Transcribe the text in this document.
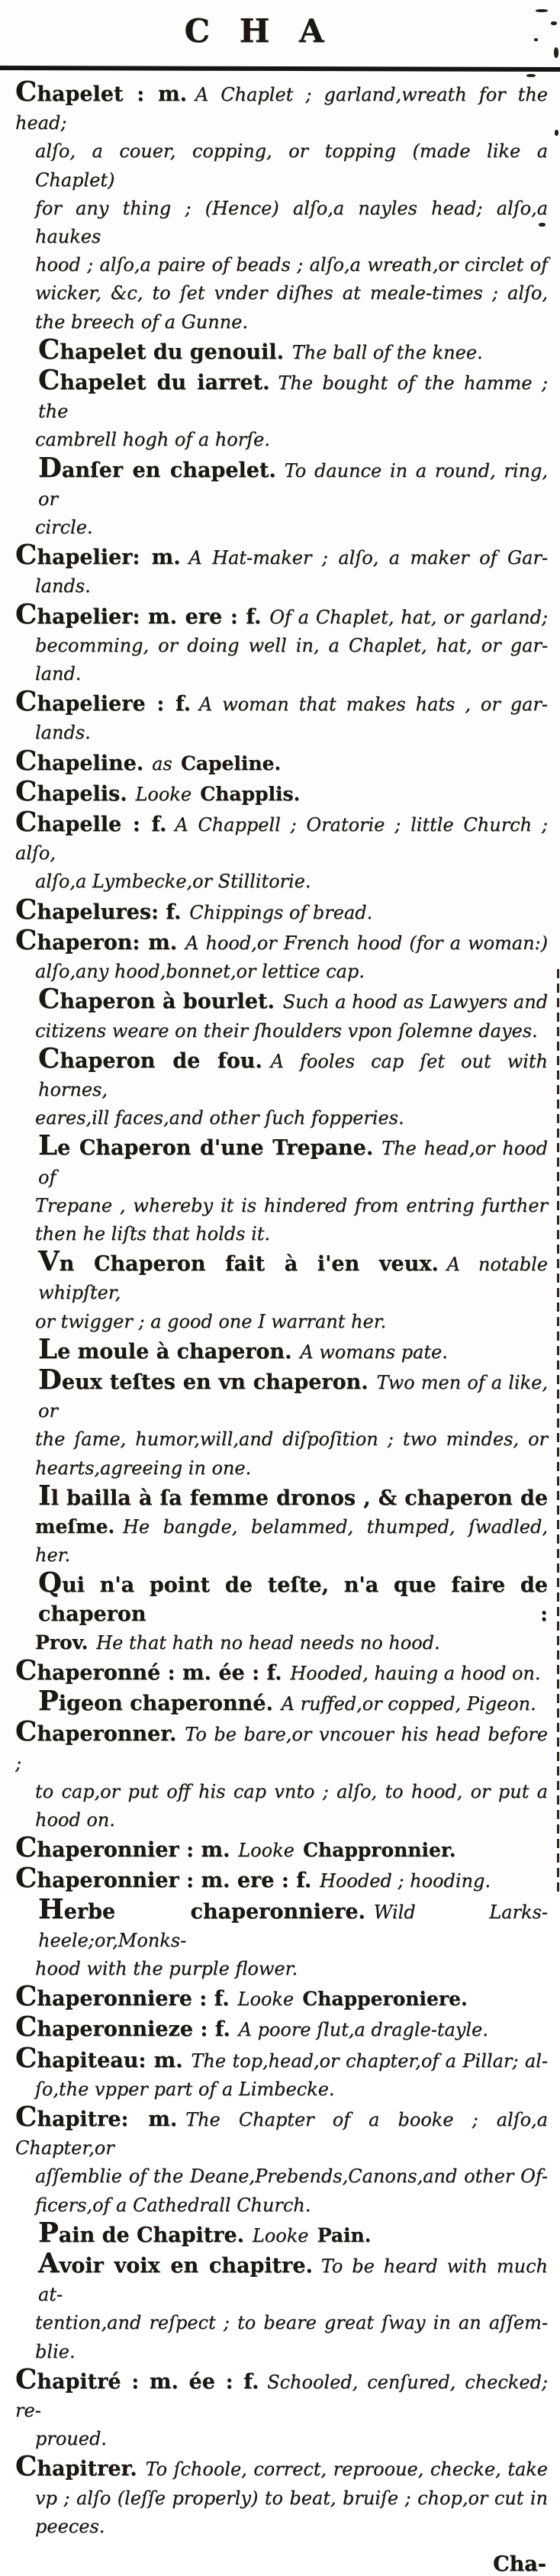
C H A
Chapelet : m. A Chaplet ; garland,wreath for the head;
alſo, a couer, copping, or topping (made like a Chaplet)
for any thing ; (Hence) alſo,a nayles head; alſo,a haukes
hood ; alſo,a paire of beads ; alſo,a wreath,or circlet of
wicker, &c, to ſet vnder diſhes at meale-times ; alſo,
the breech of a Gunne.
Chapelet du genouil. The ball of the knee.
Chapelet du iarret. The bought of the hamme ; the
cambrell hogh of a horſe.
Danſer en chapelet. To daunce in a round, ring, or
circle.
Chapelier: m. A Hat-maker ; alſo, a maker of Gar-
lands.
Chapelier: m. ere : f. Of a Chaplet, hat, or garland;
becomming, or doing well in, a Chaplet, hat, or gar-
land.
Chapeliere : f. A woman that makes hats , or gar-
lands.
Chapeline. as Capeline.
Chapelis. Looke Chapplis.
Chapelle : f. A Chappell ; Oratorie ; little Church ; alſo,
alſo,a Lymbecke,or Stillitorie.
Chapelures: f. Chippings of bread.
Chaperon: m. A hood,or French hood (for a woman:)
alſo,any hood,bonnet,or lettice cap.
Chaperon à bourlet. Such a hood as Lawyers and
citizens weare on their ſhoulders vpon ſolemne dayes.
Chaperon de fou. A fooles cap ſet out with hornes,
eares,ill faces,and other ſuch fopperies.
Le Chaperon d'une Trepane. The head,or hood of
Trepane , whereby it is hindered from entring further
then he liſts that holds it.
Vn Chaperon fait à i'en veux. A notable whipſter,
or twigger ; a good one I warrant her.
Le moule à chaperon. A womans pate.
Deux teſtes en vn chaperon. Two men of a like, or
the ſame, humor,will,and diſpoſition ; two mindes, or
hearts,agreeing in one.
Il bailla à ſa femme dronos , & chaperon de
meſme. He bangde, belammed, thumped, ſwadled,
her.
Qui n'a point de teſte, n'a que faire de chaperon :
Prov. He that hath no head needs no hood.
Chaperonné : m. ée : f. Hooded, hauing a hood on.
Pigeon chaperonné. A ruffed,or copped, Pigeon.
Chaperonner. To be bare,or vncouer his head before ;
to cap,or put off his cap vnto ; alſo, to hood, or put a
hood on.
Chaperonnier : m. Looke Chappronnier.
Chaperonnier : m. ere : f. Hooded ; hooding.
Herbe chaperonniere. Wild Larks-heele;or,Monks-
hood with the purple flower.
Chaperonniere : f. Looke Chapperoniere.
Chaperonnieze : f. A poore ſlut,a dragle-tayle.
Chapiteau: m. The top,head,or chapter,of a Pillar; al-
ſo,the vpper part of a Limbecke.
Chapitre: m. The Chapter of a booke ; alſo,a Chapter,or
aſſemblie of the Deane,Prebends,Canons,and other Of-
ficers,of a Cathedrall Church.
Pain de Chapitre. Looke Pain.
Avoir voix en chapitre. To be heard with much at-
tention,and reſpect ; to beare great ſway in an aſſem-
blie.
Chapitré : m. ée : f. Schooled, cenſured, checked; re-
proued.
Chapitrer. To ſchoole, correct, reprooue, checke, take
vp ; alſo (leſſe properly) to beat, bruiſe ; chop,or cut in
peeces.
Cha-
